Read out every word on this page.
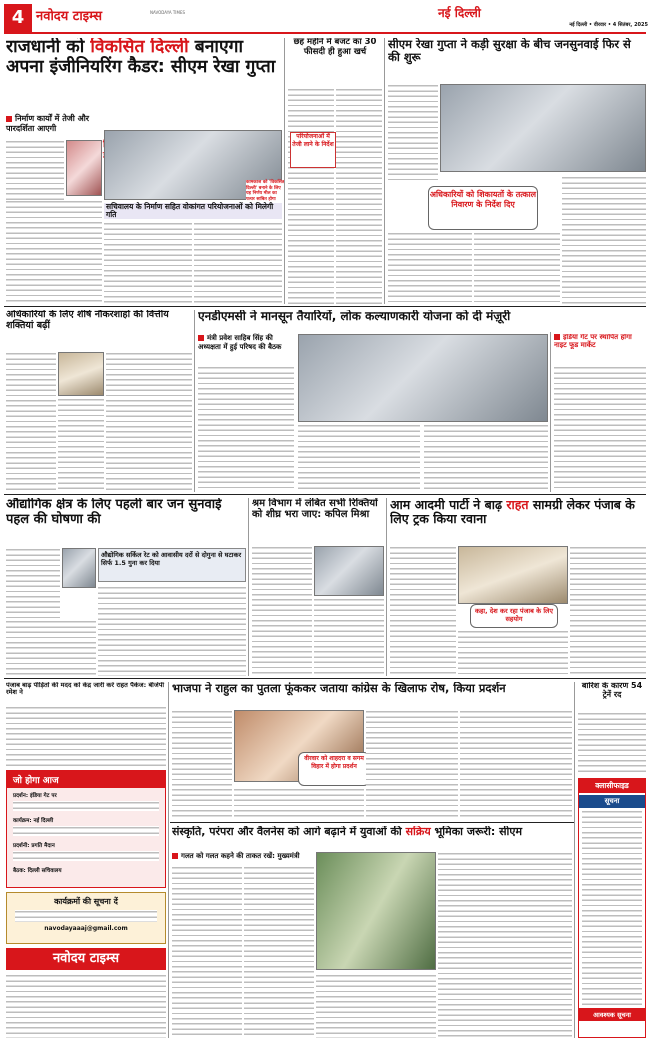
4 नवोदय टाइम्स	NAVODAYA TIMES	नई दिल्ली
नई दिल्ली • वीरवार • 4 सितंबर, 2025
राजधानी को विकसित दिल्ली बनाएगा अपना इंजीनियरिंग कैडर: सीएम रेखा गुप्ता
निर्माण कार्यों में तेजी और पारदर्शिता आएगी
कामकाज को 'विकसित दिल्ली' बनाने के लिए यह निर्णय मील का पत्थर साबित होगा
सचिवालय के निर्माण सहित वोकांगत परियोजनाओं को मिलेगी गति
छह महीने में बजट का 30 फीसदी ही हुआ खर्च
परियोजनाओं में तेजी लाने के निर्देश
सीएम रेखा गुप्ता ने कड़ी सुरक्षा के बीच जनसुनवाई फिर से की शुरू
अधिकारियों को शिकायतों के तत्काल निवारण के निर्देश दिए
अधिकारियों के लिए शीर्ष नौकरशाहों की वित्तीय शक्तियां बढ़ीं
एनडीएमसी ने मानसून तैयारियों, लोक कल्याणकारी योजना को दी मंज़ूरी
मंत्री प्रवेश साहिब सिंह की अध्यक्षता में हुई परिषद की बैठक
इंडिया गेट पर स्थापित होगा नाइट फूड मार्केट
औद्योगिक क्षेत्र के लिए पहली बार जन सुनवाई पहल की घोषणा की
औद्योगिक सर्किल रेट को आवासीय दरों से दोगुना से घटाकर सिर्फ 1.5 गुना कर दिया
श्रम विभाग में लंबित सभी रिक्तियों को शीघ्र भरा जाए: कपिल मिश्रा
आम आदमी पार्टी ने बाढ़ राहत सामग्री लेकर पंजाब के लिए ट्रक किया रवाना
कहा, देश कर रहा पंजाब के लिए सहयोग
पंजाब बाढ़ पीड़ितों की मदद को केंद्र जारी करे राहत पैकेज: बीजेपी रमेश ने
जो होगा आज
प्रदर्शन: इंडिया गेट पर
कार्यक्रम: नई दिल्ली
प्रदर्शनी: प्रगति मैदान
बैठक: दिल्ली सचिवालय
कार्यक्रमों की सूचना दें
navodayaaaj@gmail.com
नवोदय टाइम्स
भाजपा ने राहुल का पुतला फूंककर जताया कांग्रेस के खिलाफ रोष, किया प्रदर्शन
वीरवार को शाहदरा व सगम विहार में होगा प्रदर्शन
बारिश के कारण 54 ट्रेनें रद
क्लासीफाइड
सूचना
आवश्यक सूचना
संस्कृति, परंपरा और वैलनेस को आगे बढ़ाने में युवाओं की सक्रिय भूमिका जरूरी: सीएम
गलत को गलत कहने की ताकत रखें: मुख्यमंत्री
